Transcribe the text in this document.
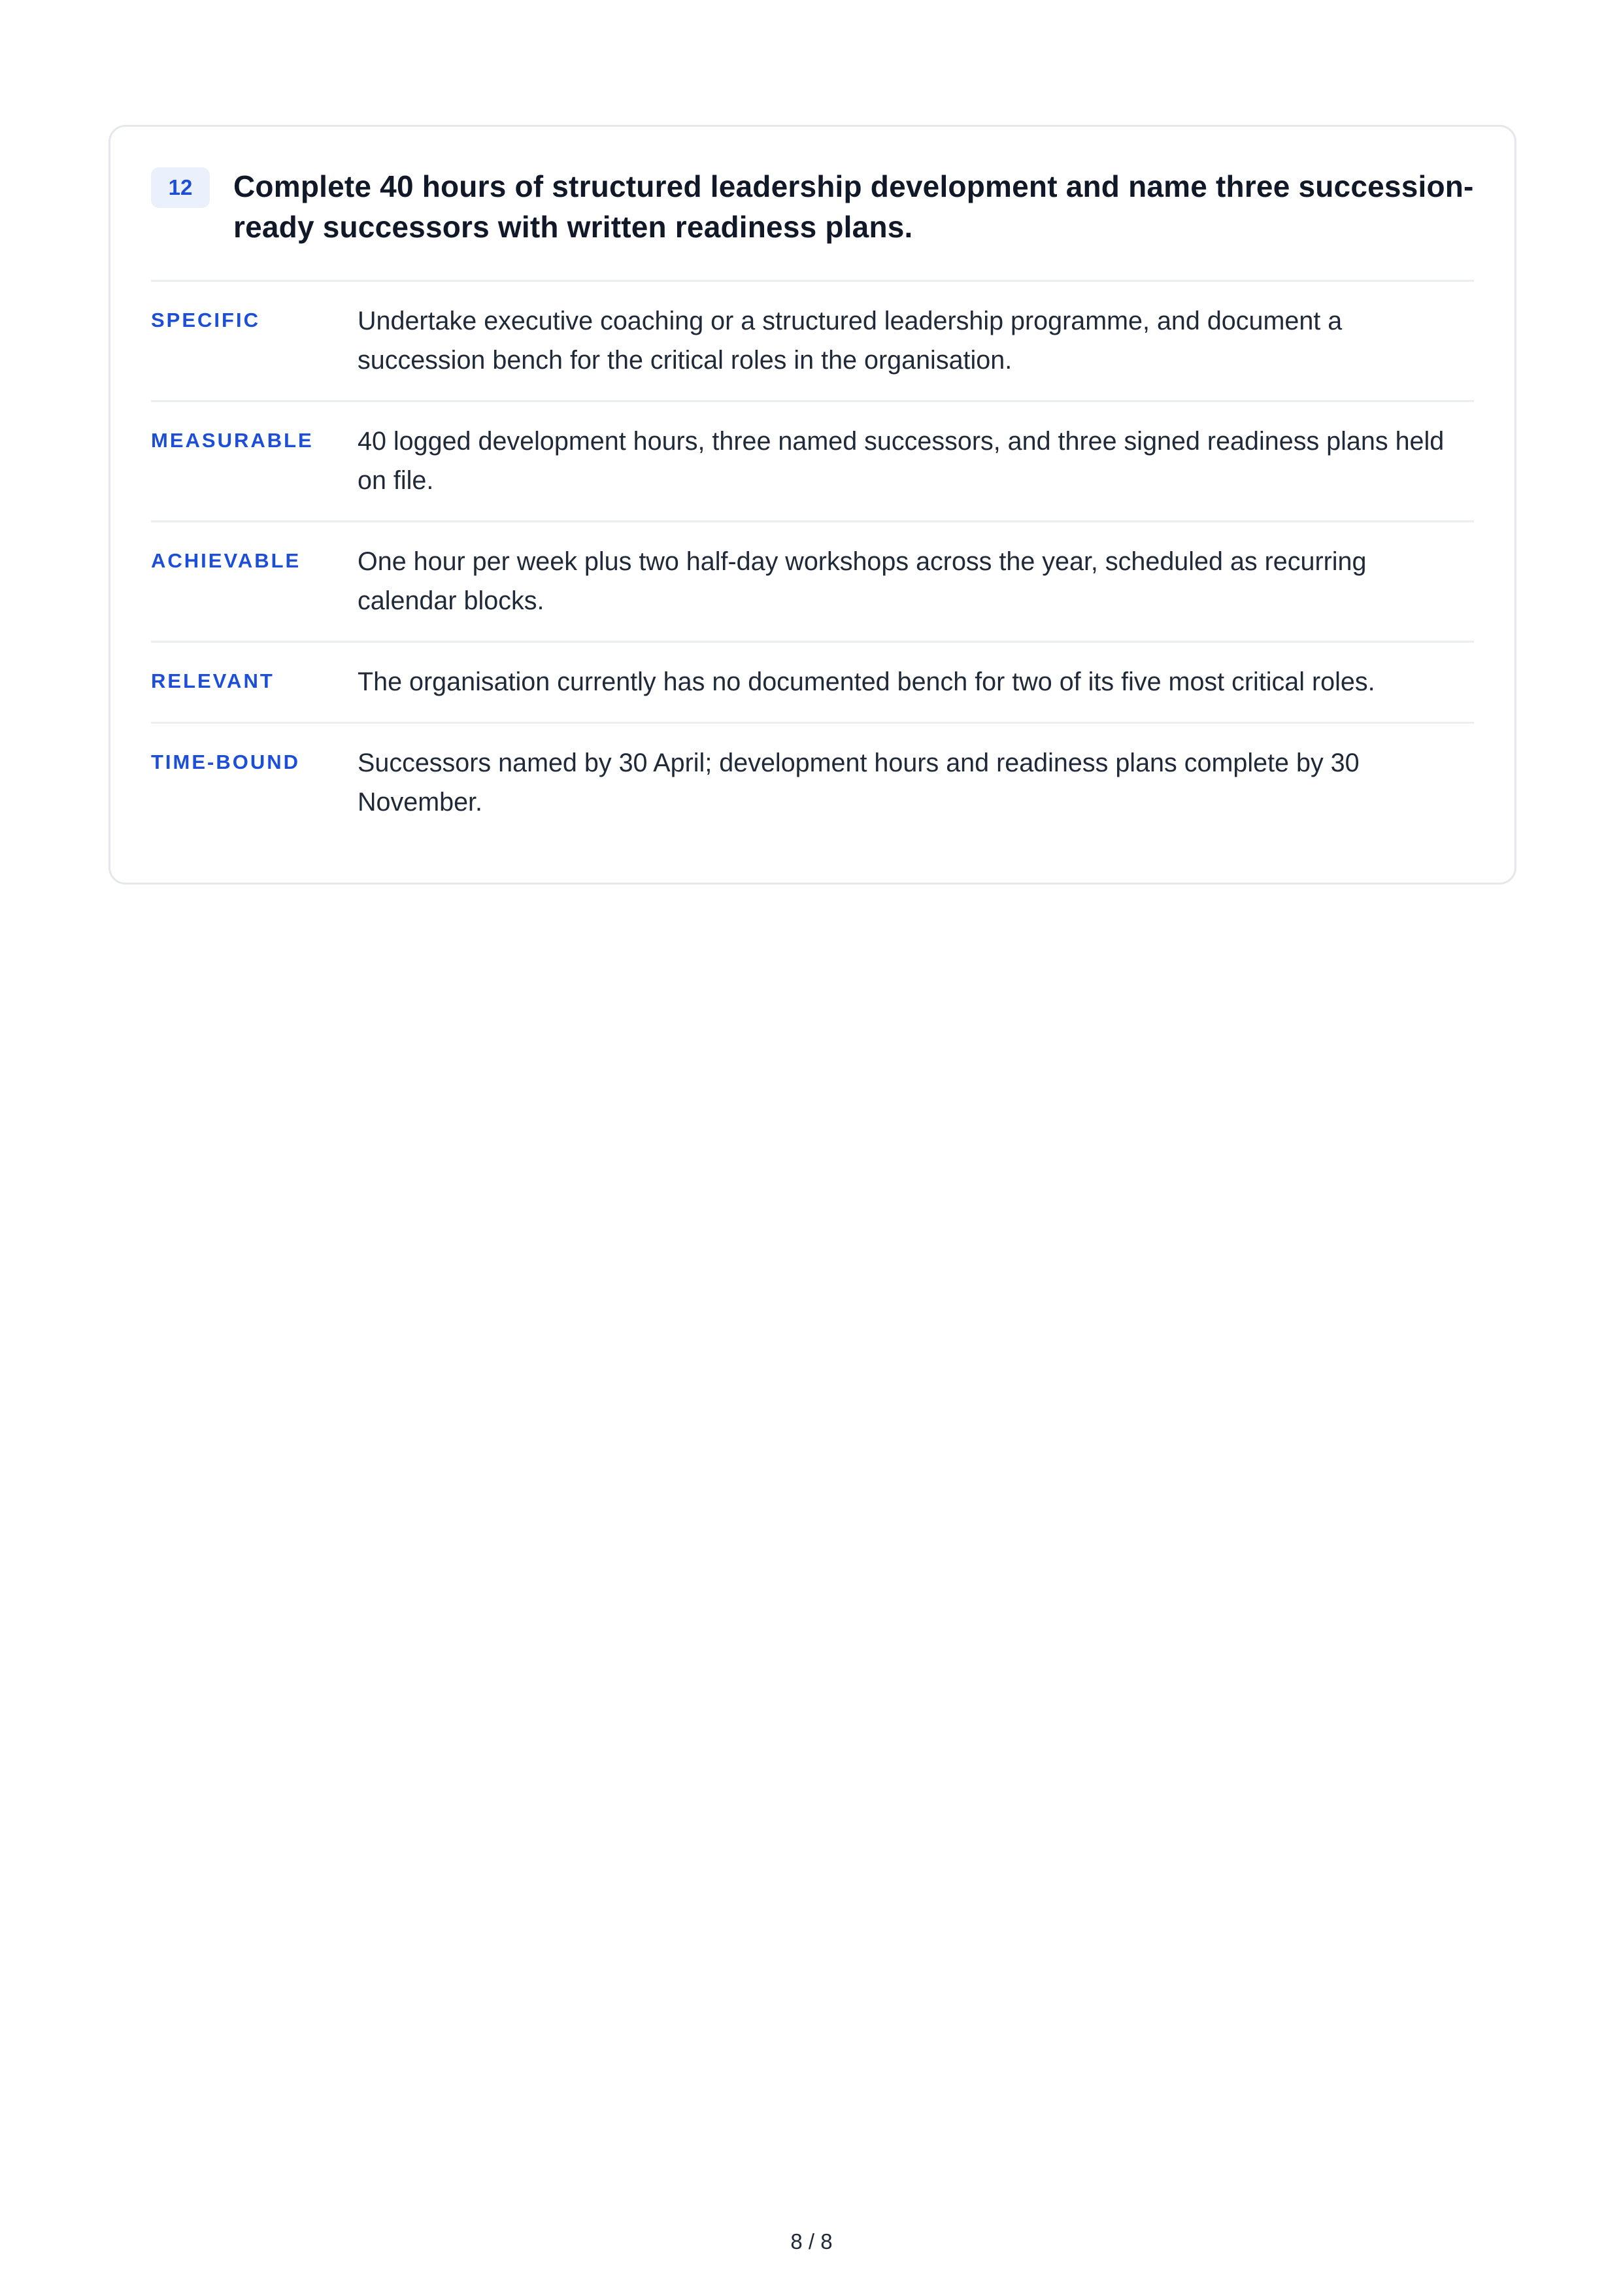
12	Complete 40 hours of structured leadership development and name three succession-ready successors with written readiness plans.
SPECIFIC	Undertake executive coaching or a structured leadership programme, and document a succession bench for the critical roles in the organisation.
MEASURABLE	40 logged development hours, three named successors, and three signed readiness plans held on file.
ACHIEVABLE	One hour per week plus two half-day workshops across the year, scheduled as recurring calendar blocks.
RELEVANT	The organisation currently has no documented bench for two of its five most critical roles.
TIME-BOUND	Successors named by 30 April; development hours and readiness plans complete by 30 November.
8 / 8
